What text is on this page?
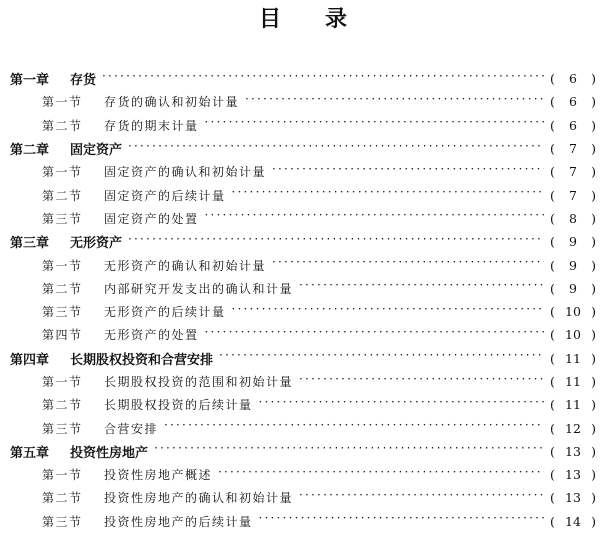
目 录
第一章	存货 ·····	(	6	)
第一节	存货的确认和初始计量 ·····	(	6	)
第二节	存货的期末计量 ·····	(	6	)
第二章	固定资产 ·····	(	7	)
第一节	固定资产的确认和初始计量 ·····	(	7	)
第二节	固定资产的后续计量 ·····	(	7	)
第三节	固定资产的处置 ·····	(	8	)
第三章	无形资产 ·····	(	9	)
第一节	无形资产的确认和初始计量 ·····	(	9	)
第二节	内部研究开发支出的确认和计量 ·····	(	9	)
第三节	无形资产的后续计量 ·····	( 10 )
第四节	无形资产的处置 ·····	( 10 )
第四章	长期股权投资和合营安排 ·····	( 11 )
第一节	长期股权投资的范围和初始计量 ·····	( 11 )
第二节	长期股权投资的后续计量 ·····	( 11 )
第三节	合营安排 ·····	( 12 )
第五章	投资性房地产 ·····	( 13 )
第一节	投资性房地产概述 ·····	( 13 )
第二节	投资性房地产的确认和初始计量 ·····	( 13 )
第三节	投资性房地产的后续计量 ·····	( 14 )
